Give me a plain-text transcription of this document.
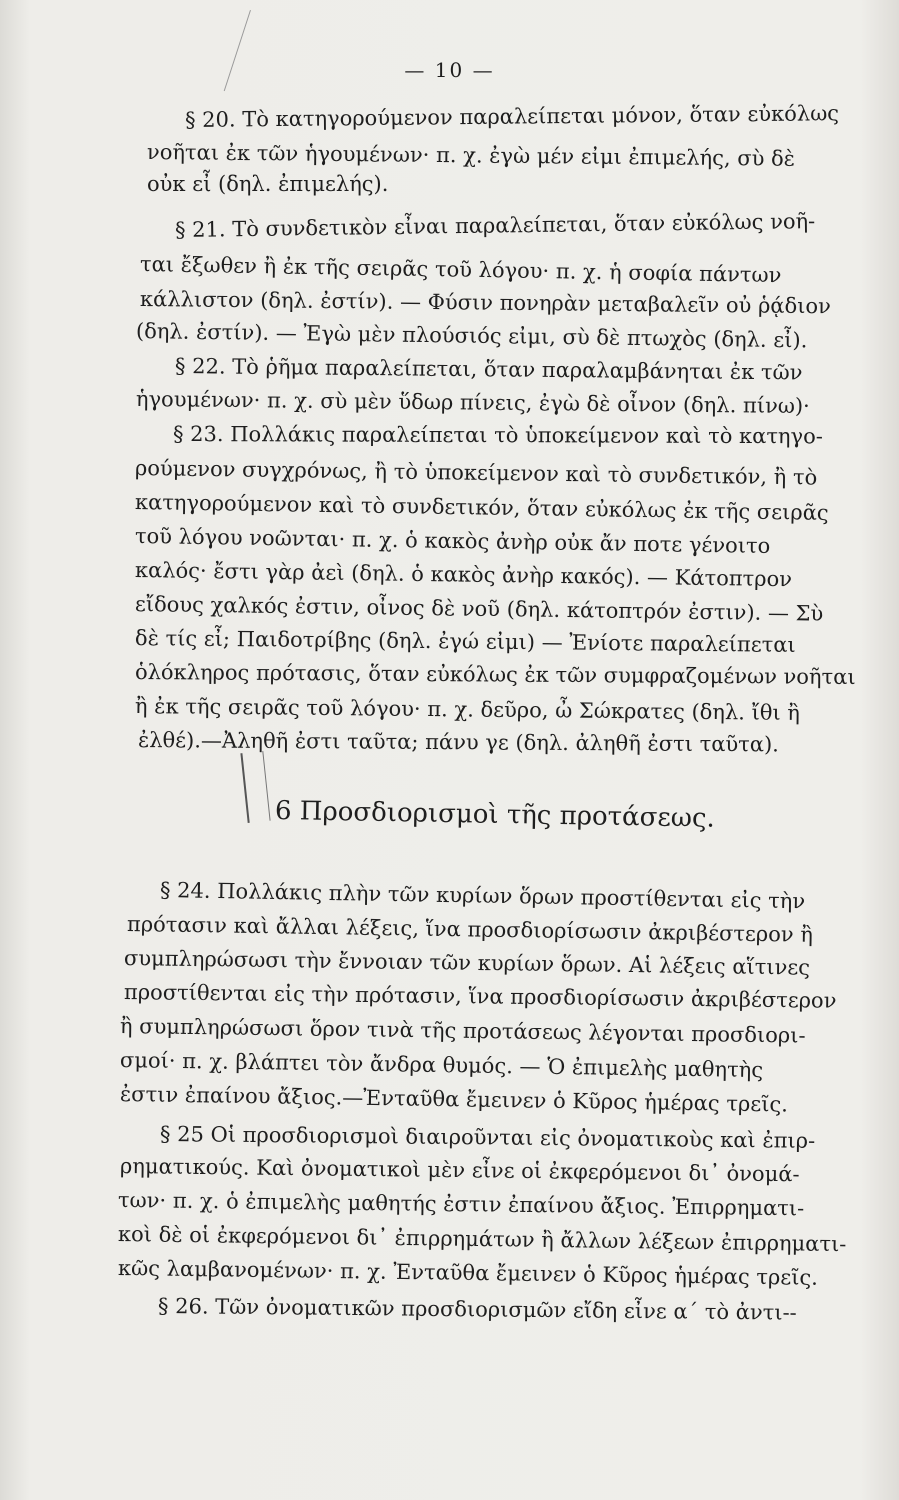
— 10 —
§ 20. Τὸ κατηγορούμενον παραλείπεται μόνον, ὅταν εὐκόλως
νοῆται ἐκ τῶν ἡγουμένων· π. χ. ἐγὼ μέν εἰμι ἐπιμελής, σὺ δὲ
οὐκ εἶ (δηλ. ἐπιμελής).
§ 21. Τὸ συνδετικὸν εἶναι παραλείπεται, ὅταν εὐκόλως νοῆ-
ται ἔξωθεν ἢ ἐκ τῆς σειρᾶς τοῦ λόγου· π. χ. ἡ σοφία πάντων
κάλλιστον (δηλ. ἐστίν). — Φύσιν πονηρὰν μεταβαλεῖν οὐ ῥᾴδιον
(δηλ. ἐστίν). — Ἐγὼ μὲν πλούσιός εἰμι, σὺ δὲ πτωχὸς (δηλ. εἶ).
§ 22. Τὸ ῥῆμα παραλείπεται, ὅταν παραλαμβάνηται ἐκ τῶν
ἡγουμένων· π. χ. σὺ μὲν ὕδωρ πίνεις, ἐγὼ δὲ οἶνον (δηλ. πίνω)·
§ 23. Πολλάκις παραλείπεται τὸ ὑποκείμενον καὶ τὸ κατηγο-
ρούμενον συγχρόνως, ἢ τὸ ὑποκείμενον καὶ τὸ συνδετικόν, ἢ τὸ
κατηγορούμενον καὶ τὸ συνδετικόν, ὅταν εὐκόλως ἐκ τῆς σειρᾶς
τοῦ λόγου νοῶνται· π. χ. ὁ κακὸς ἀνὴρ οὐκ ἄν ποτε γένοιτο
καλός· ἔστι γὰρ ἀεὶ (δηλ. ὁ κακὸς ἀνὴρ κακός). — Κάτοπτρον
εἴδους χαλκός ἐστιν, οἶνος δὲ νοῦ (δηλ. κάτοπτρόν ἐστιν). — Σὺ
δὲ τίς εἶ; Παιδοτρίβης (δηλ. ἐγώ εἰμι) — Ἐνίοτε παραλείπεται
ὁλόκληρος πρότασις, ὅταν εὐκόλως ἐκ τῶν συμφραζομένων νοῆται
ἢ ἐκ τῆς σειρᾶς τοῦ λόγου· π. χ. δεῦρο, ὦ Σώκρατες (δηλ. ἴθι ἢ
ἐλθέ).—Ἀληθῆ ἐστι ταῦτα; πάνυ γε (δηλ. ἀληθῆ ἐστι ταῦτα).
6 Προσδιορισμοὶ τῆς προτάσεως.
§ 24. Πολλάκις πλὴν τῶν κυρίων ὅρων προστίθενται εἰς τὴν
πρότασιν καὶ ἄλλαι λέξεις, ἵνα προσδιορίσωσιν ἀκριβέστερον ἢ
συμπληρώσωσι τὴν ἔννοιαν τῶν κυρίων ὅρων. Αἱ λέξεις αἵτινες
προστίθενται εἰς τὴν πρότασιν, ἵνα προσδιορίσωσιν ἀκριβέστερον
ἢ συμπληρώσωσι ὅρον τινὰ τῆς προτάσεως λέγονται προσδιορι-
σμοί· π. χ. βλάπτει τὸν ἄνδρα θυμός. — Ὁ ἐπιμελὴς μαθητὴς
ἐστιν ἐπαίνου ἄξιος.—Ἐνταῦθα ἔμεινεν ὁ Κῦρος ἡμέρας τρεῖς.
§ 25 Οἱ προσδιορισμοὶ διαιροῦνται εἰς ὀνοματικοὺς καὶ ἐπιρ-
ρηματικούς. Καὶ ὀνοματικοὶ μὲν εἶνε οἱ ἐκφερόμενοι δι᾽ ὀνομά-
των· π. χ. ὁ ἐπιμελὴς μαθητής ἐστιν ἐπαίνου ἄξιος. Ἐπιρρηματι-
κοὶ δὲ οἱ ἐκφερόμενοι δι᾽ ἐπιρρημάτων ἢ ἄλλων λέξεων ἐπιρρηματι-
κῶς λαμβανομένων· π. χ. Ἐνταῦθα ἔμεινεν ὁ Κῦρος ἡμέρας τρεῖς.
§ 26. Τῶν ὀνοματικῶν προσδιορισμῶν εἴδη εἶνε α´ τὸ ἀντι--
